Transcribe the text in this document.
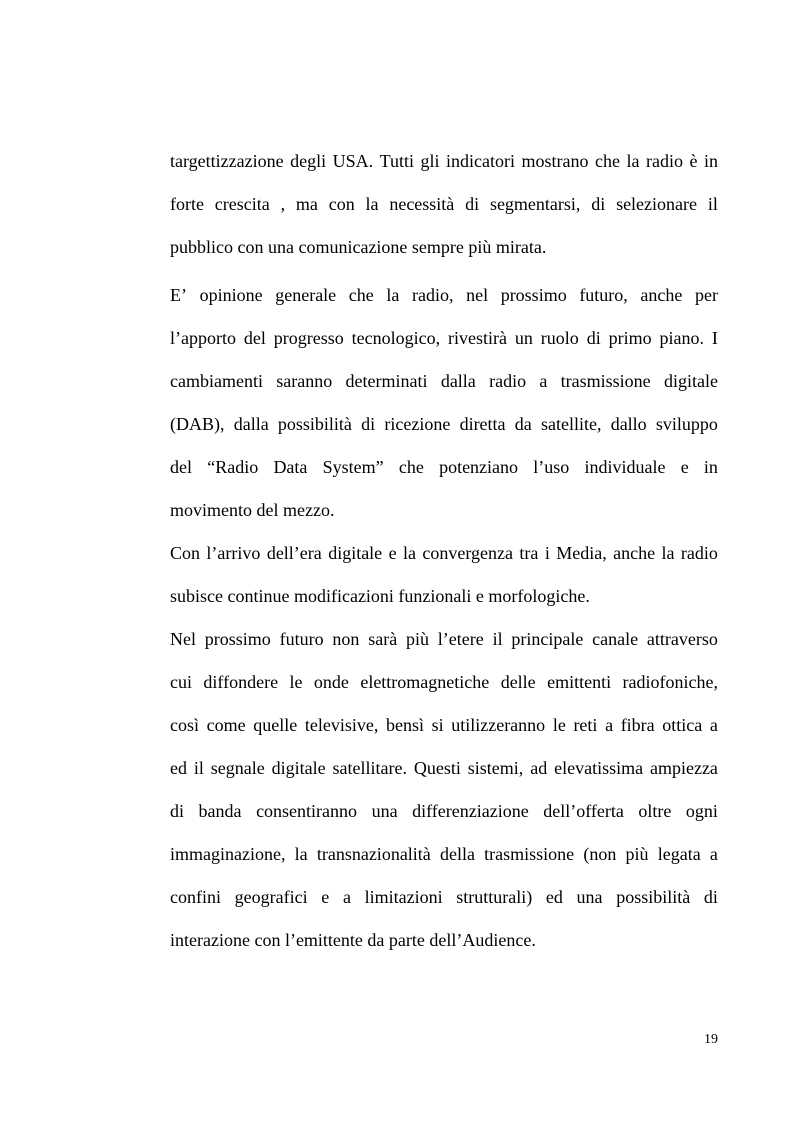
targettizzazione degli USA. Tutti gli indicatori mostrano che la radio è in
forte crescita , ma con la necessità di segmentarsi, di selezionare il
pubblico con una comunicazione sempre più mirata.
E’ opinione generale che la radio, nel prossimo futuro, anche per
l’apporto del progresso tecnologico, rivestirà un ruolo di primo piano. I
cambiamenti saranno determinati dalla radio a trasmissione digitale
(DAB), dalla possibilità di ricezione diretta da satellite, dallo sviluppo
del “Radio Data System” che potenziano l’uso individuale e in
movimento del mezzo.
Con l’arrivo dell’era digitale e la convergenza tra i Media, anche la radio
subisce continue modificazioni funzionali e morfologiche.
Nel prossimo futuro non sarà più l’etere il principale canale attraverso
cui diffondere le onde elettromagnetiche delle emittenti radiofoniche,
così come quelle televisive, bensì si utilizzeranno le reti a fibra ottica a
ed il segnale digitale satellitare. Questi sistemi, ad elevatissima ampiezza
di banda consentiranno una differenziazione dell’offerta oltre ogni
immaginazione, la transnazionalità della trasmissione (non più legata a
confini geografici e a limitazioni strutturali) ed una possibilità di
interazione con l’emittente da parte dell’Audience.
19
